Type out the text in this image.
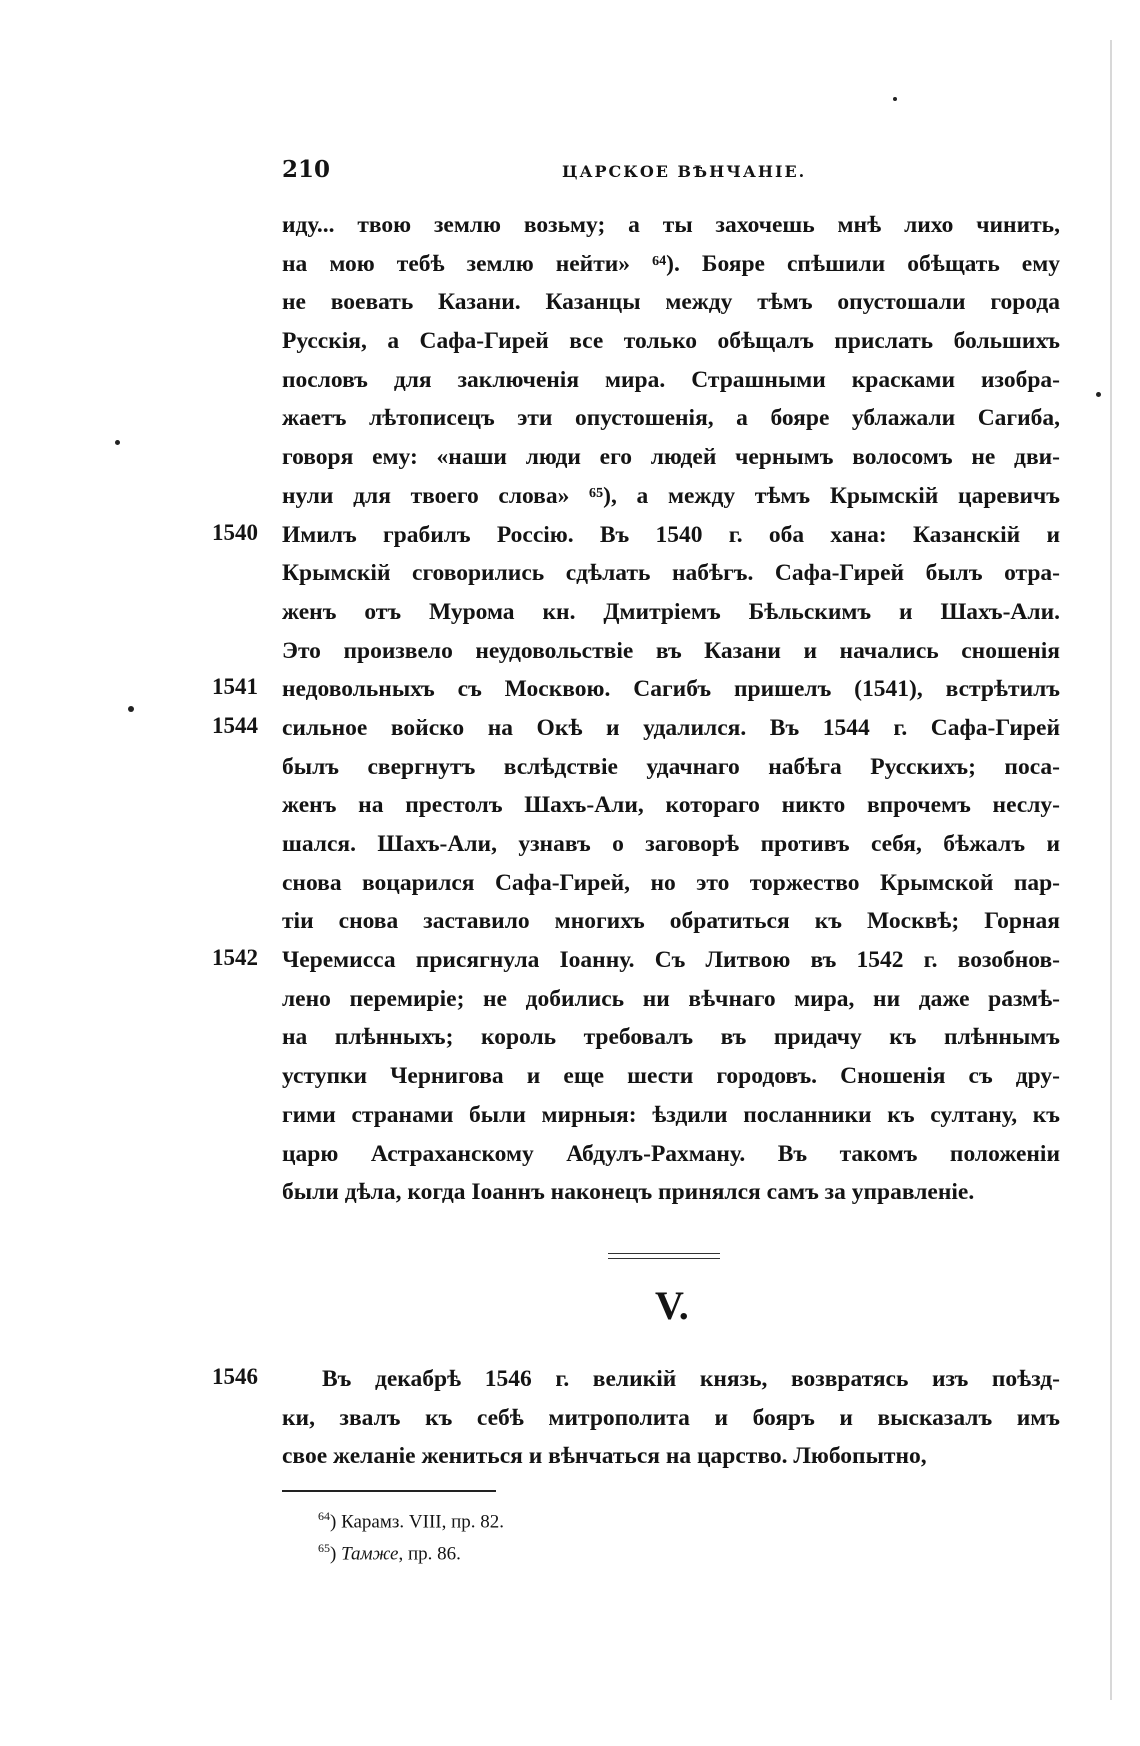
210	ЦАРСКОЕ ВѢНЧАНІЕ.
иду... твою землю возьму; а ты захочешь мнѣ лихо чинить,
на мою тебѣ землю нейти» ⁶⁴). Бояре спѣшили обѣщать ему
не воевать Казани. Казанцы между тѣмъ опустошали города
Русскія, а Сафа-Гирей все только обѣщалъ прислать большихъ
пословъ для заключенія мира. Страшными красками изобра-
жаетъ лѣтописецъ эти опустошенія, а бояре ублажали Сагиба,
говоря ему: «наши люди его людей чернымъ волосомъ не дви-
нули для твоего слова» ⁶⁵), а между тѣмъ Крымскій царевичъ
Имилъ грабилъ Россію. Въ 1540 г. оба хана: Казанскій и
Крымскій сговорились сдѣлать набѣгъ. Сафа-Гирей былъ отра-
женъ отъ Мурома кн. Дмитріемъ Бѣльскимъ и Шахъ-Али.
Это произвело неудовольствіе въ Казани и начались сношенія
недовольныхъ съ Москвою. Сагибъ пришелъ (1541), встрѣтилъ
сильное войско на Окѣ и удалился. Въ 1544 г. Сафа-Гирей
былъ свергнутъ вслѣдствіе удачнаго набѣга Русскихъ; поса-
женъ на престолъ Шахъ-Али, котораго никто впрочемъ неслу-
шался. Шахъ-Али, узнавъ о заговорѣ противъ себя, бѣжалъ и
снова воцарился Сафа-Гирей, но это торжество Крымской пар-
тіи снова заставило многихъ обратиться къ Москвѣ; Горная
Черемисса присягнула Іоанну. Съ Литвою въ 1542 г. возобнов-
лено перемиріе; не добились ни вѣчнаго мира, ни даже размѣ-
на плѣнныхъ; король требовалъ въ придачу къ плѣннымъ
уступки Чернигова и еще шести городовъ. Сношенія съ дру-
гими странами были мирныя: ѣздили посланники къ султану, къ
царю Астраханскому Абдулъ-Рахману. Въ такомъ положеніи
были дѣла, когда Іоаннъ наконецъ принялся самъ за управленіе.
1540
1541
1544
1542
V.
1546	Въ декабрѣ 1546 г. великій князь, возвратясь изъ поѣзд-
ки, звалъ къ себѣ митрополита и бояръ и высказалъ имъ
свое желаніе жениться и вѣнчаться на царство. Любопытно,
$^{64}$) Карамз. VIII, пр. 82.
$^{65}$) Тамже, пр. 86.
